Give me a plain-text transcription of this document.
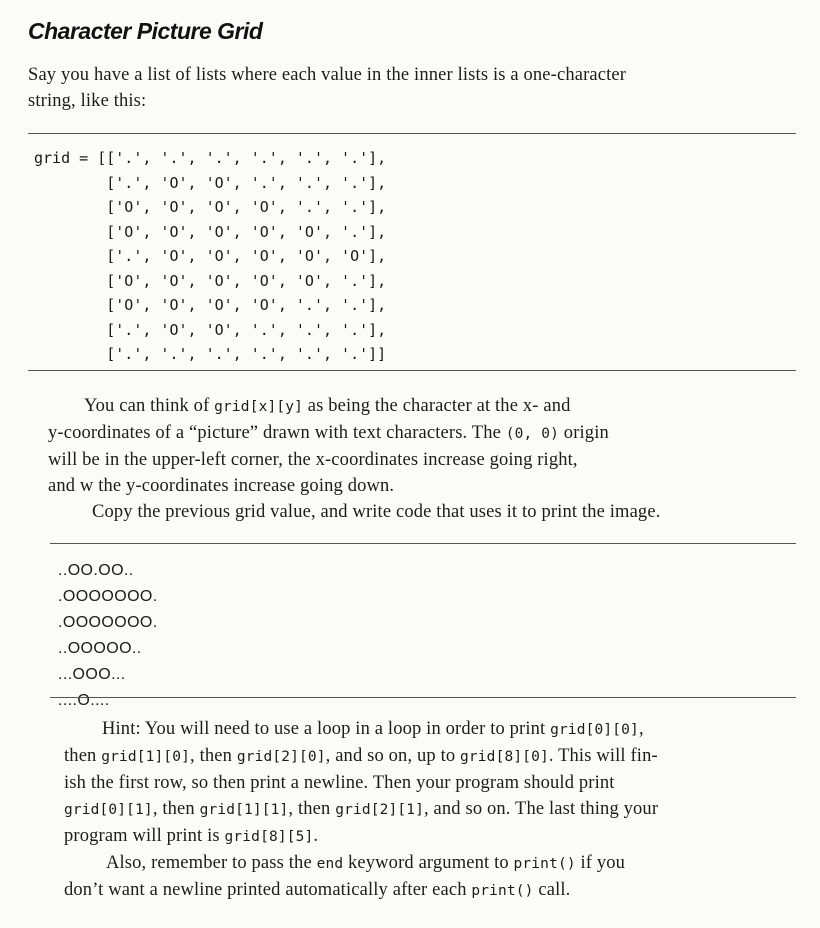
Character Picture Grid

Say you have a list of lists where each value in the inner lists is a one-character
string, like this:

grid = [['.', '.', '.', '.', '.', '.'],
['.', 'O', 'O', '.', '.', '.'],
['O', 'O', 'O', 'O', '.', '.'],
['O', 'O', 'O', 'O', 'O', '.'],
['.', 'O', 'O', 'O', 'O', 'O'],
['O', 'O', 'O', 'O', 'O', '.'],
['O', 'O', 'O', 'O', '.', '.'],
['.', 'O', 'O', '.', '.', '.'],
['.', '.', '.', '.', '.', '.']]

You can think of grid[x][y] as being the character at the x- and
y-coordinates of a “picture” drawn with text characters. The (0, 0) origin
will be in the upper-left corner, the x-coordinates increase going right,
and w the y-coordinates increase going down.
Copy the previous grid value, and write code that uses it to print the image.

..OO.OO..
.OOOOOOO.
.OOOOOOO.
..OOOOO..
...OOO...
....O....

Hint: You will need to use a loop in a loop in order to print grid[0][0],
then grid[1][0], then grid[2][0], and so on, up to grid[8][0]. This will fin-
ish the first row, so then print a newline. Then your program should print
grid[0][1], then grid[1][1], then grid[2][1], and so on. The last thing your
program will print is grid[8][5].
Also, remember to pass the end keyword argument to print() if you
don’t want a newline printed automatically after each print() call.
